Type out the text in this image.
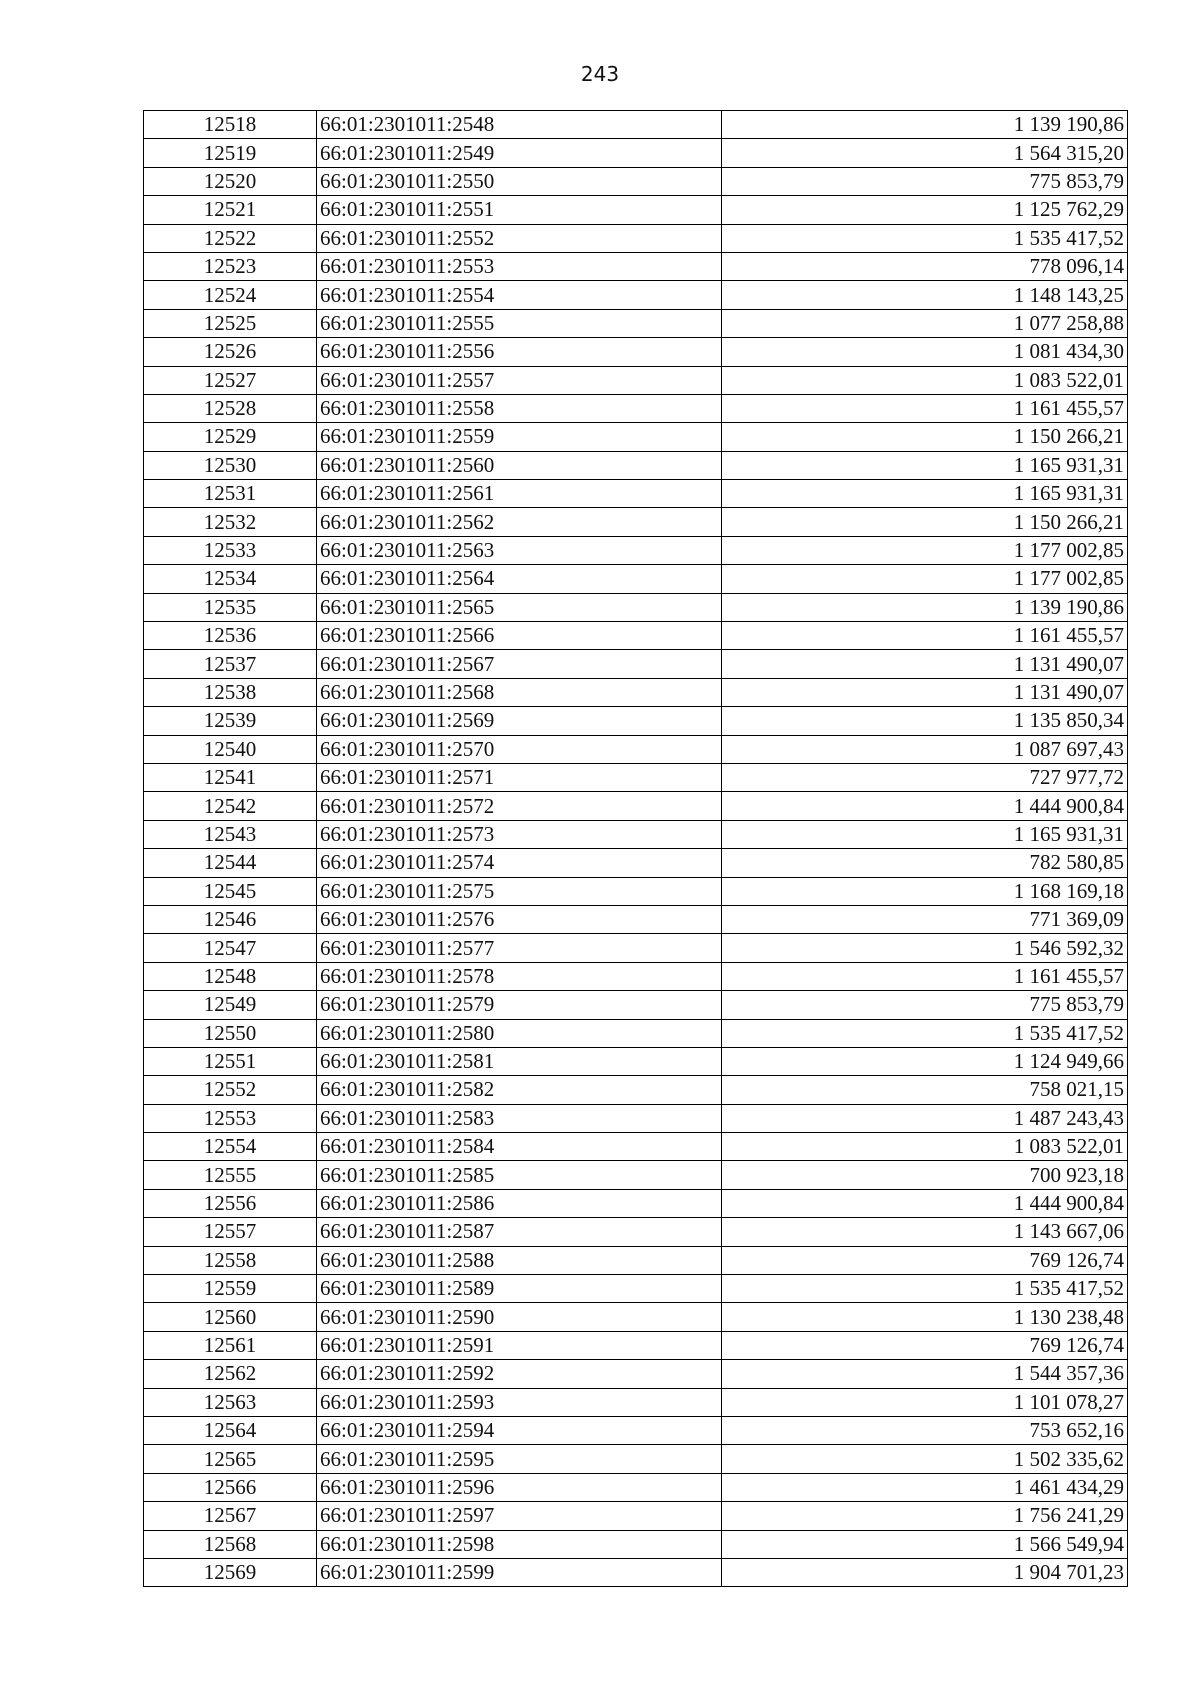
243
12518	66:01:2301011:2548	1 139 190,86
12519	66:01:2301011:2549	1 564 315,20
12520	66:01:2301011:2550	775 853,79
12521	66:01:2301011:2551	1 125 762,29
12522	66:01:2301011:2552	1 535 417,52
12523	66:01:2301011:2553	778 096,14
12524	66:01:2301011:2554	1 148 143,25
12525	66:01:2301011:2555	1 077 258,88
12526	66:01:2301011:2556	1 081 434,30
12527	66:01:2301011:2557	1 083 522,01
12528	66:01:2301011:2558	1 161 455,57
12529	66:01:2301011:2559	1 150 266,21
12530	66:01:2301011:2560	1 165 931,31
12531	66:01:2301011:2561	1 165 931,31
12532	66:01:2301011:2562	1 150 266,21
12533	66:01:2301011:2563	1 177 002,85
12534	66:01:2301011:2564	1 177 002,85
12535	66:01:2301011:2565	1 139 190,86
12536	66:01:2301011:2566	1 161 455,57
12537	66:01:2301011:2567	1 131 490,07
12538	66:01:2301011:2568	1 131 490,07
12539	66:01:2301011:2569	1 135 850,34
12540	66:01:2301011:2570	1 087 697,43
12541	66:01:2301011:2571	727 977,72
12542	66:01:2301011:2572	1 444 900,84
12543	66:01:2301011:2573	1 165 931,31
12544	66:01:2301011:2574	782 580,85
12545	66:01:2301011:2575	1 168 169,18
12546	66:01:2301011:2576	771 369,09
12547	66:01:2301011:2577	1 546 592,32
12548	66:01:2301011:2578	1 161 455,57
12549	66:01:2301011:2579	775 853,79
12550	66:01:2301011:2580	1 535 417,52
12551	66:01:2301011:2581	1 124 949,66
12552	66:01:2301011:2582	758 021,15
12553	66:01:2301011:2583	1 487 243,43
12554	66:01:2301011:2584	1 083 522,01
12555	66:01:2301011:2585	700 923,18
12556	66:01:2301011:2586	1 444 900,84
12557	66:01:2301011:2587	1 143 667,06
12558	66:01:2301011:2588	769 126,74
12559	66:01:2301011:2589	1 535 417,52
12560	66:01:2301011:2590	1 130 238,48
12561	66:01:2301011:2591	769 126,74
12562	66:01:2301011:2592	1 544 357,36
12563	66:01:2301011:2593	1 101 078,27
12564	66:01:2301011:2594	753 652,16
12565	66:01:2301011:2595	1 502 335,62
12566	66:01:2301011:2596	1 461 434,29
12567	66:01:2301011:2597	1 756 241,29
12568	66:01:2301011:2598	1 566 549,94
12569	66:01:2301011:2599	1 904 701,23
